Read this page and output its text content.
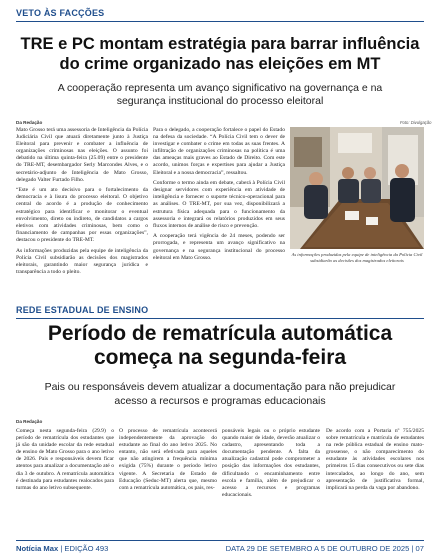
VETO ÀS FACÇÕES
TRE e PC montam estratégia para barrar influência do crime organizado nas eleições em MT
A cooperação representa um avanço significativo na governança e na segurança institucional do processo eleitoral
Da Redação	Foto: Divulgação

Mato Grosso terá uma assessoria de Inteligência da Polícia Judiciária Civil que atuará diretamente junto à Justiça Eleitoral para prevenir e combater a influência de organizações criminosas nas eleições. O assunto foi debatido na última quinta-feira (25.09) entre o presidente do TRE-MT, desembargador Serly Marcondes Alves, e o secretário-adjunto de Inteligência de Mato Grosso, delegado Valter Furtado Filho.

“Este é um ato decisivo para o fortalecimento da democracia e à lisura do processo eleitoral. O objetivo central do acordo é a produção de conhecimento estratégico para identificar e monitorar o eventual envolvimento, direto ou indireto, de candidatos a cargos eletivos com atividades criminosas, bem como o financiamento de campanhas por essas organizações”, destacou o presidente do TRE-MT.

As informações produzidas pela equipe de inteligência da Polícia Civil subsidiarão as decisões dos magistrados eleitorais, garantindo maior segurança jurídica e transparência a todo o pleito.

Para o delegado, a cooperação fortalece o papel do Estado na defesa da sociedade. “A Polícia Civil tem o dever de investigar e combater o crime em todas as suas frentes. A infiltração de organizações criminosas na política é uma das ameaças mais graves ao Estado de Direito. Com este acordo, unimos forças e expertises para ajudar a Justiça Eleitoral e a nossa democracia”, ressaltou.

Conforme o termo ainda em debate, caberá à Polícia Civil designar servidores com experiência em atividade de inteligência e fornecer o suporte técnico-operacional para as análises. O TRE-MT, por sua vez, disponibilizará a estrutura física adequada para o funcionamento da assessoria e integrará os relatórios produzidos em seus fluxos internos de análise de risco e prevenção.

A cooperação terá vigência de 24 meses, podendo ser prorrogada, e representa um avanço significativo na governança e na segurança institucional do processo eleitoral em Mato Grosso.

As informações produzidas pela equipe de inteligência da Polícia Civil subsidiarão as decisões dos magistrados eleitorais
REDE ESTADUAL DE ENSINO
Período de rematrícula automática começa na segunda-feira
Pais ou responsáveis devem atualizar a documentação para não prejudicar acesso a recursos e programas educacionais
Da Redação
Começa nesta segunda-feira (29.9) o período de rematrícula dos estudantes que já são da unidade escolar da rede estadual de ensino de Mato Grosso para o ano letivo de 2026. Pais e responsáveis devem ficar atentos para atualizar a documentação até o dia 3 de outubro. A rematrícula automática é destinada para estudantes realocados para turmas do ano letivo subsequente.
O processo de rematrícula acontecerá independentemente da aprovação do estudante ao final do ano letivo 2025. No entanto, não será efetivada para aqueles que não atingirem a frequência mínima exigida (75%) durante o período letivo vigente. A Secretaria de Estado de Educação (Seduc-MT) alerta que, mesmo com a rematrícula automática, os pais, res-
ponsáveis legais ou o próprio estudante quando maior de idade, deverão atualizar o cadastro, apresentando toda a documentação pendente. A falta da atualização cadastral pode comprometer a posição das informações dos estudantes, dificultando o encaminhamento entre escola e família, além de prejudicar o acesso a recursos e programas educacionais.
De acordo com a Portaria nº 755/2025 sobre rematrícula e matrícula de estudantes na rede pública estadual de ensino mato-grossense, o não comparecimento do estudante às atividades escolares nos primeiros 15 dias consecutivos ou sete dias intercalados, ao longo do ano, sem apresentação de justificativa formal, implicará na perda da vaga por abandono.
Notícia Max | EDIÇÃO 493	DATA 29 DE SETEMBRO A 5 DE OUTUBRO DE 2025 | 07
